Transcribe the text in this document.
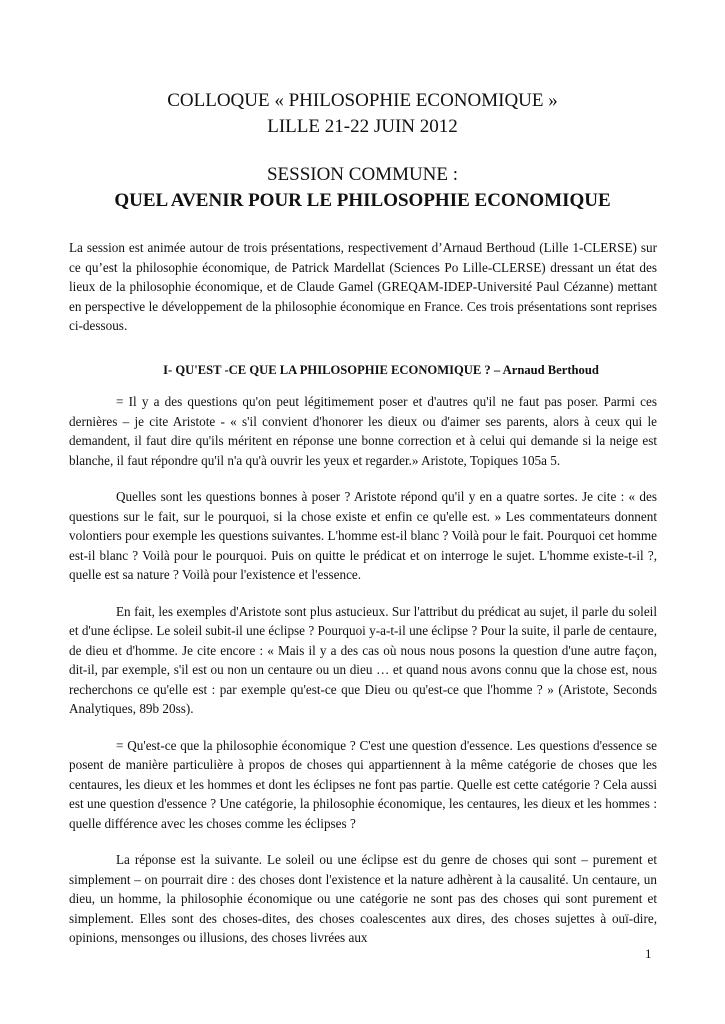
COLLOQUE « PHILOSOPHIE ECONOMIQUE »
LILLE 21-22 JUIN 2012
SESSION COMMUNE :
QUEL AVENIR POUR LE PHILOSOPHIE ECONOMIQUE

La session est animée autour de trois présentations, respectivement d’Arnaud Berthoud (Lille 1-CLERSE) sur ce qu’est la philosophie économique, de Patrick Mardellat (Sciences Po Lille-CLERSE) dressant un état des lieux de la philosophie économique, et de Claude Gamel (GREQAM-IDEP-Université Paul Cézanne) mettant en perspective le développement de la philosophie économique en France. Ces trois présentations sont reprises ci-dessous.

I- QU'EST -CE QUE LA PHILOSOPHIE ECONOMIQUE ? – Arnaud Berthoud

= Il y a des questions qu'on peut légitimement poser et d'autres qu'il ne faut pas poser. Parmi ces dernières – je cite Aristote - « s'il convient d'honorer les dieux ou d'aimer ses parents, alors à ceux qui le demandent, il faut dire qu'ils méritent en réponse une bonne correction et à celui qui demande si la neige est blanche, il faut répondre qu'il n'a qu'à ouvrir les yeux et regarder.» Aristote, Topiques 105a 5.

Quelles sont les questions bonnes à poser ? Aristote répond qu'il y en a quatre sortes. Je cite : « des questions sur le fait, sur le pourquoi, si la chose existe et enfin ce qu'elle est. » Les commentateurs donnent volontiers pour exemple les questions suivantes. L'homme est-il blanc ? Voilà pour le fait. Pourquoi cet homme est-il blanc ? Voilà pour le pourquoi. Puis on quitte le prédicat et on interroge le sujet. L'homme existe-t-il ?, quelle est sa nature ? Voilà pour l'existence et l'essence.

En fait, les exemples d'Aristote sont plus astucieux. Sur l'attribut du prédicat au sujet, il parle du soleil et d'une éclipse. Le soleil subit-il une éclipse ? Pourquoi y-a-t-il une éclipse ? Pour la suite, il parle de centaure, de dieu et d'homme. Je cite encore : « Mais il y a des cas où nous nous posons la question d'une autre façon, dit-il, par exemple, s'il est ou non un centaure ou un dieu … et quand nous avons connu que la chose est, nous recherchons ce qu'elle est : par exemple qu'est-ce que Dieu ou qu'est-ce que l'homme ? » (Aristote, Seconds Analytiques, 89b 20ss).

= Qu'est-ce que la philosophie économique ? C'est une question d'essence. Les questions d'essence se posent de manière particulière à propos de choses qui appartiennent à la même catégorie de choses que les centaures, les dieux et les hommes et dont les éclipses ne font pas partie. Quelle est cette catégorie ? Cela aussi est une question d'essence ? Une catégorie, la philosophie économique, les centaures, les dieux et les hommes : quelle différence avec les choses comme les éclipses ?

La réponse est la suivante. Le soleil ou une éclipse est du genre de choses qui sont – purement et simplement – on pourrait dire : des choses dont l'existence et la nature adhèrent à la causalité. Un centaure, un dieu, un homme, la philosophie économique ou une catégorie ne sont pas des choses qui sont purement et simplement. Elles sont des choses-dites, des choses coalescentes aux dires, des choses sujettes à ouï-dire, opinions, mensonges ou illusions, des choses livrées aux

1
